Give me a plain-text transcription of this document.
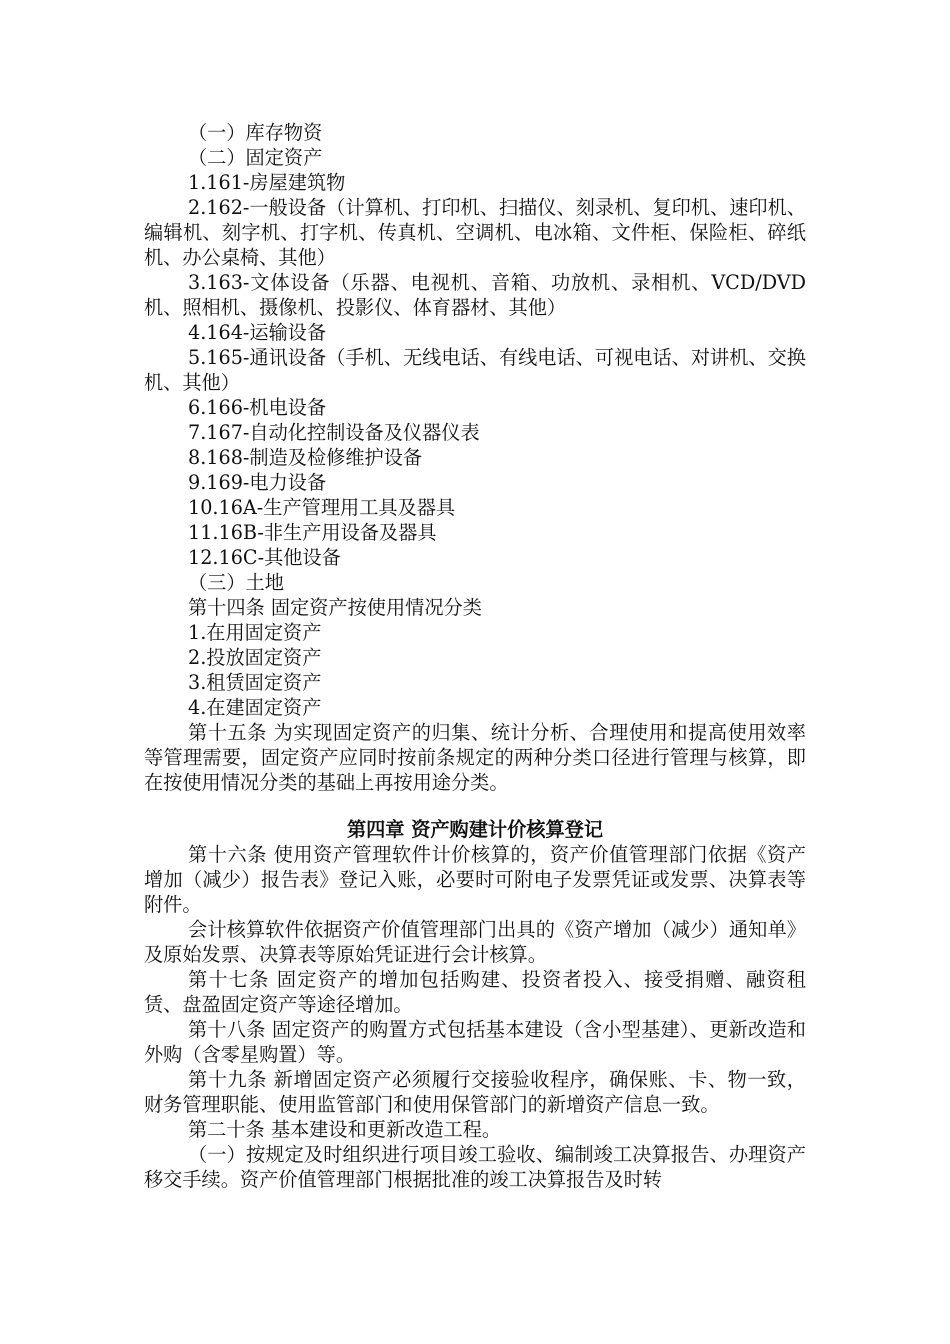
（一）库存物资

（二）固定资产

1.161-房屋建筑物

2.162-一般设备（计算机、打印机、扫描仪、刻录机、复印机、速印机、编辑机、刻字机、打字机、传真机、空调机、电冰箱、文件柜、保险柜、碎纸机、办公桌椅、其他）

3.163-文体设备（乐器、电视机、音箱、功放机、录相机、VCD/DVD机、照相机、摄像机、投影仪、体育器材、其他）

4.164-运输设备

5.165-通讯设备（手机、无线电话、有线电话、可视电话、对讲机、交换机、其他）

6.166-机电设备

7.167-自动化控制设备及仪器仪表

8.168-制造及检修维护设备

9.169-电力设备

10.16A-生产管理用工具及器具

11.16B-非生产用设备及器具

12.16C-其他设备

（三）土地

第十四条 固定资产按使用情况分类

1.在用固定资产

2.投放固定资产

3.租赁固定资产

4.在建固定资产

第十五条 为实现固定资产的归集、统计分析、合理使用和提高使用效率等管理需要，固定资产应同时按前条规定的两种分类口径进行管理与核算，即在按使用情况分类的基础上再按用途分类。

第四章 资产购建计价核算登记

第十六条 使用资产管理软件计价核算的，资产价值管理部门依据《资产增加（减少）报告表》登记入账，必要时可附电子发票凭证或发票、决算表等附件。

会计核算软件依据资产价值管理部门出具的《资产增加（减少）通知单》及原始发票、决算表等原始凭证进行会计核算。

第十七条 固定资产的增加包括购建、投资者投入、接受捐赠、融资租赁、盘盈固定资产等途径增加。

第十八条 固定资产的购置方式包括基本建设（含小型基建）、更新改造和外购（含零星购置）等。

第十九条 新增固定资产必须履行交接验收程序，确保账、卡、物一致，财务管理职能、使用监管部门和使用保管部门的新增资产信息一致。

第二十条 基本建设和更新改造工程。

（一）按规定及时组织进行项目竣工验收、编制竣工决算报告、办理资产移交手续。资产价值管理部门根据批准的竣工决算报告及时转
